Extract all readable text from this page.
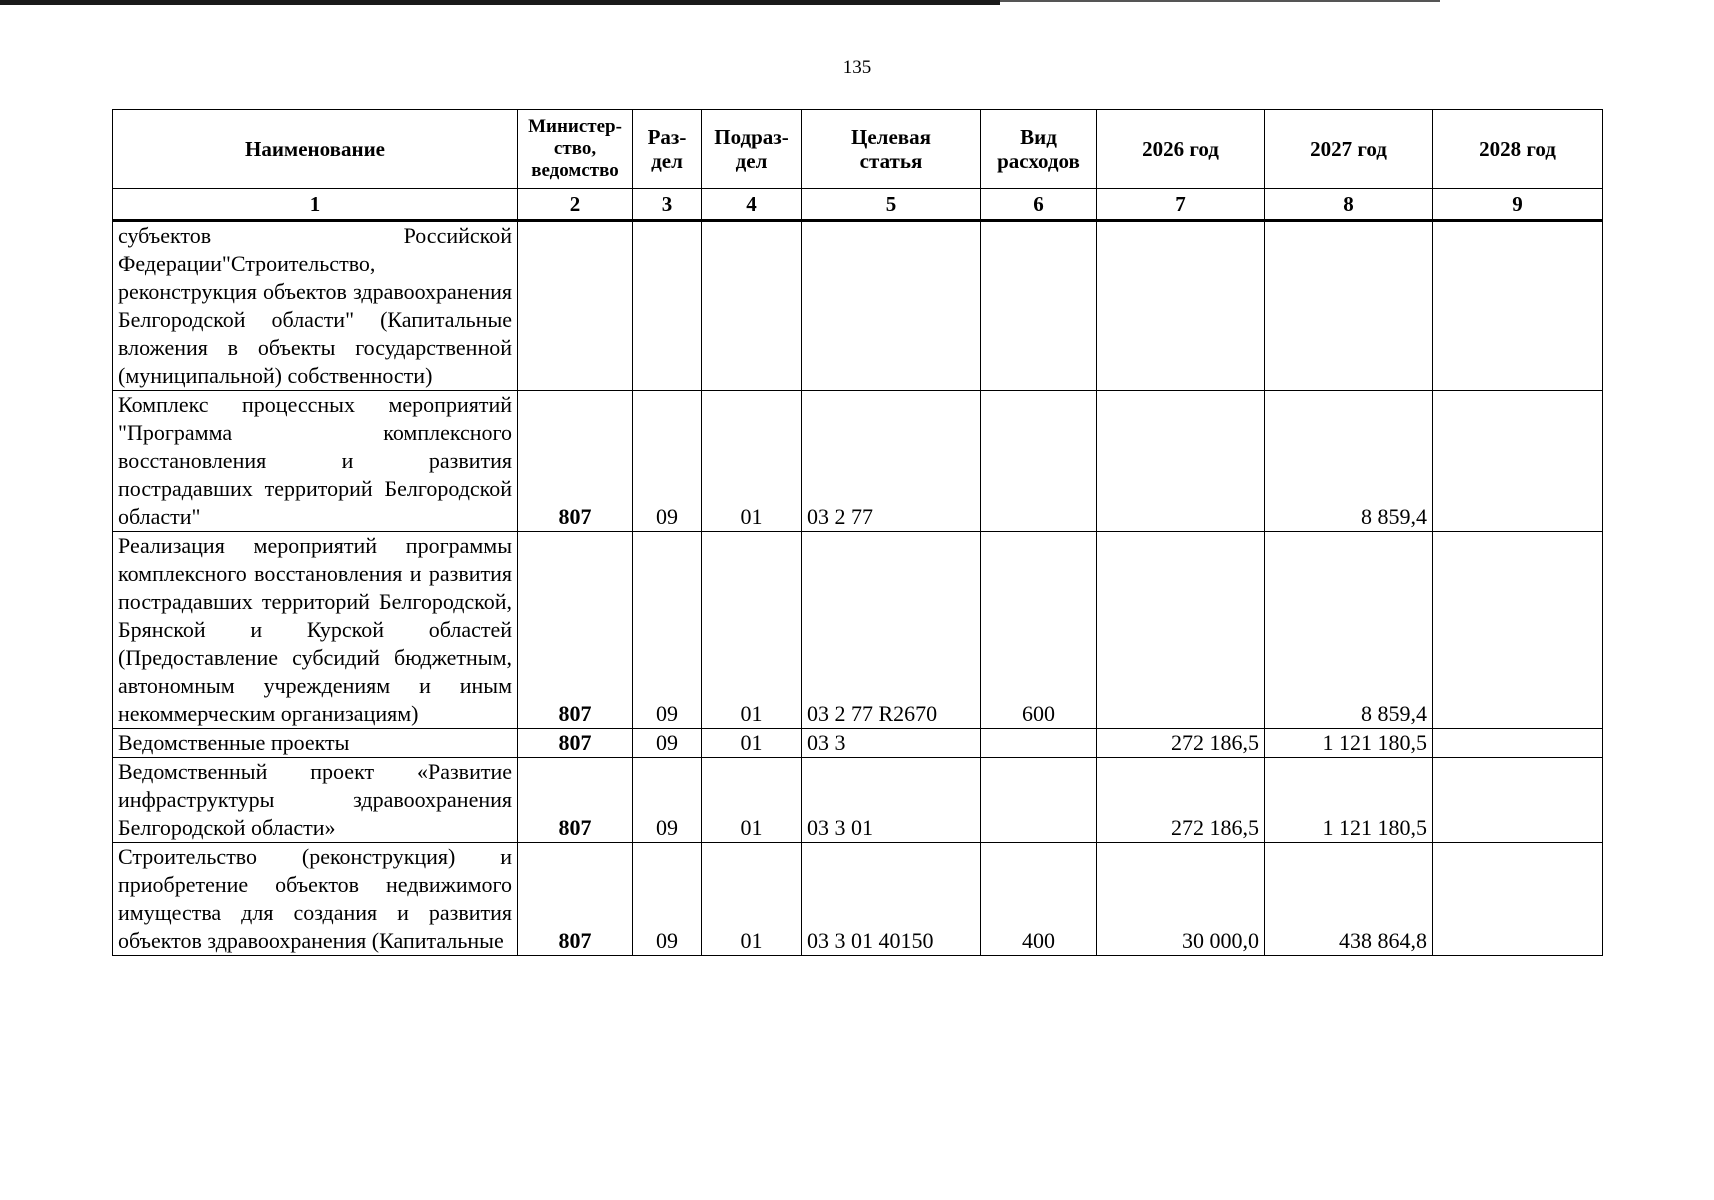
135
Наименование	Министер-ство, ведомство	Раз-дел	Подраз-дел	Целевая статья	Вид расходов	2026 год	2027 год	2028 год
1	2	3	4	5	6	7	8	9
субъектов Российской Федерации"Строительство, реконструкция объектов здравоохранения Белгородской области" (Капитальные вложения в объекты государственной (муниципальной) собственности)								
Комплекс процессных мероприятий "Программа комплексного восстановления и развития пострадавших территорий Белгородской области"	807	09	01	03 2 77			8 859,4	
Реализация мероприятий программы комплексного восстановления и развития пострадавших территорий Белгородской, Брянской и Курской областей (Предоставление субсидий бюджетным, автономным учреждениям и иным некоммерческим организациям)	807	09	01	03 2 77 R2670	600		8 859,4	
Ведомственные проекты	807	09	01	03 3		272 186,5	1 121 180,5	
Ведомственный проект «Развитие инфраструктуры здравоохранения Белгородской области»	807	09	01	03 3 01		272 186,5	1 121 180,5	
Строительство (реконструкция) и приобретение объектов недвижимого имущества для создания и развития объектов здравоохранения (Капитальные	807	09	01	03 3 01 40150	400	30 000,0	438 864,8	
